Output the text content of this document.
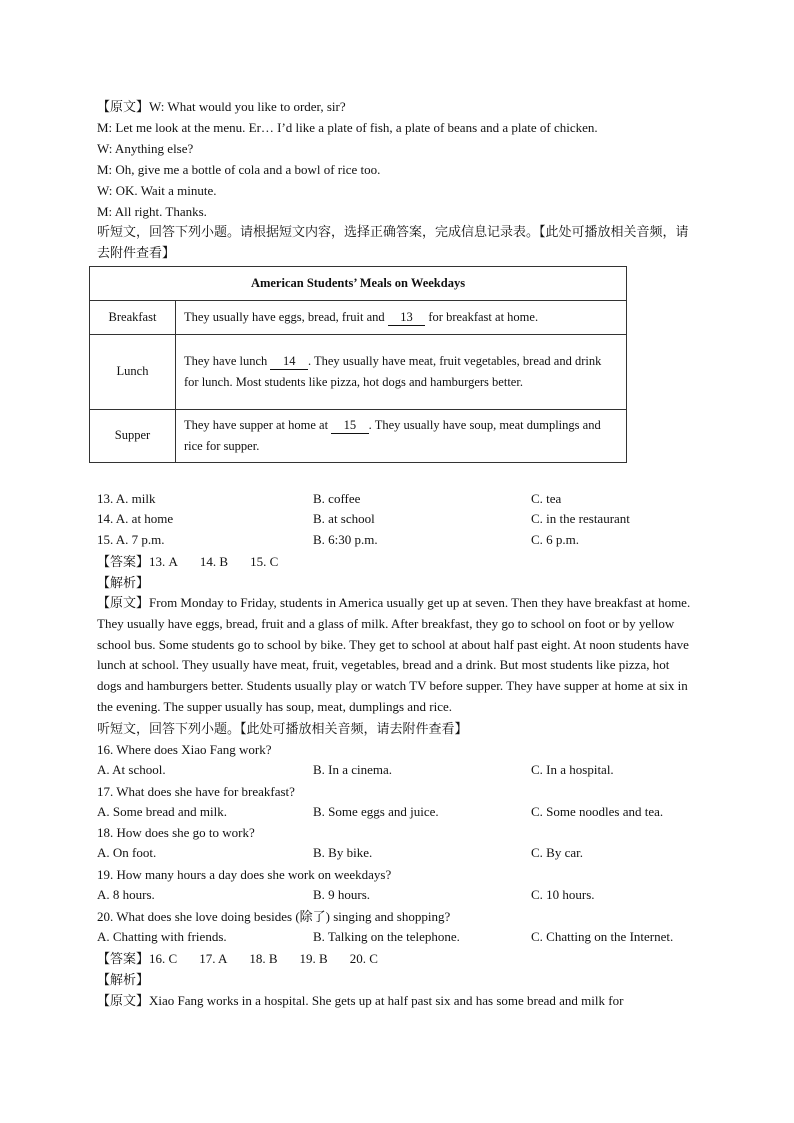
【原文】W: What would you like to order, sir?
M: Let me look at the menu. Er… I’d like a plate of fish, a plate of beans and a plate of chicken.
W: Anything else?
M: Oh, give me a bottle of cola and a bowl of rice too.
W: OK. Wait a minute.
M: All right. Thanks.
听短文，回答下列小题。请根据短文内容，选择正确答案，完成信息记录表。【此处可播放相关音频，请去附件查看】
American Students’ Meals on Weekdays	
Breakfast	They usually have eggs, bread, fruit and     13     for breakfast at home.
Lunch	They have lunch     14 . They usually have meat, fruit vegetables, bread and drink for lunch. Most students like pizza, hot dogs and hamburgers better.
Supper	They have supper at home at     15 . They usually have soup, meat dumplings and rice for supper.
13. A. milk	B. coffee	C. tea
14. A. at home	B. at school	C. in the restaurant
15. A. 7 p.m.	B. 6:30 p.m.	C. 6 p.m.
【答案】13. A 14. B 15. C
【解析】
【原文】From Monday to Friday, students in America usually get up at seven. Then they have breakfast at home. They usually have eggs, bread, fruit and a glass of milk. After breakfast, they go to school on foot or by yellow school bus. Some students go to school by bike. They get to school at about half past eight. At noon students have lunch at school. They usually have meat, fruit, vegetables, bread and a drink. But most students like pizza, hot dogs and hamburgers better. Students usually play or watch TV before supper. They have supper at home at six in the evening. The supper usually has soup, meat, dumplings and rice.
听短文，回答下列小题。【此处可播放相关音频，请去附件查看】
16. Where does Xiao Fang work?
A. At school.	B. In a cinema.	C. In a hospital.
17. What does she have for breakfast?
A. Some bread and milk.	B. Some eggs and juice.	C. Some noodles and tea.
18. How does she go to work?
A. On foot.	B. By bike.	C. By car.
19. How many hours a day does she work on weekdays?
A. 8 hours.	B. 9 hours.	C. 10 hours.
20. What does she love doing besides (除了) singing and shopping?
A. Chatting with friends.	B. Talking on the telephone.	C. Chatting on the Internet.
【答案】16. C 17. A 18. B 19. B 20. C
【解析】
【原文】Xiao Fang works in a hospital. She gets up at half past six and has some bread and milk for
